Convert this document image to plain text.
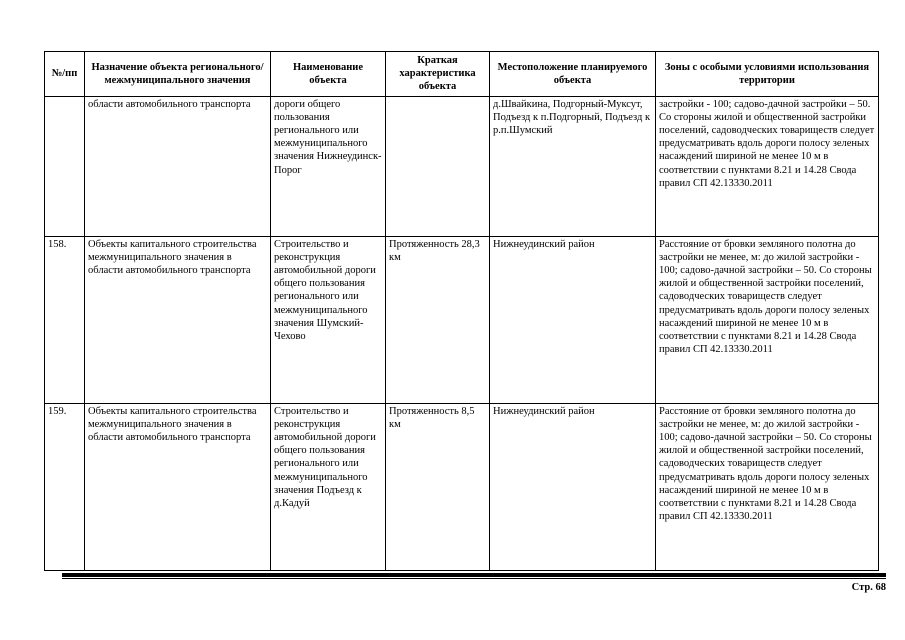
№/пп	Назначение объекта регионального/ межмуниципального значения	Наименование объекта	Краткая характеристика объекта	Местоположение планируемого объекта	Зоны с особыми условиями использования территории
	области автомобильного транспорта	дороги общего пользования регионального или межмуниципального значения Нижнеудинск-Порог		д.Швайкина, Подгорный-Муксут, Подъезд к п.Подгорный, Подъезд к р.п.Шумский	застройки - 100; садово-дачной застройки – 50. Со стороны жилой и общественной застройки поселений, садоводческих товариществ следует предусматривать вдоль дороги полосу зеленых насаждений шириной не менее 10 м в соответствии с пунктами 8.21 и 14.28 Свода правил СП 42.13330.2011
158.	Объекты капитального строительства межмуниципального значения в области автомобильного транспорта	Строительство и реконструкция автомобильной дороги общего пользования регионального или межмуниципального значения Шумский-Чехово	Протяженность 28,3 км	Нижнеудинский район	Расстояние от бровки земляного полотна до застройки не менее, м: до жилой застройки - 100; садово-дачной застройки – 50. Со стороны жилой и общественной застройки поселений, садоводческих товариществ следует предусматривать вдоль дороги полосу зеленых насаждений шириной не менее 10 м в соответствии с пунктами 8.21 и 14.28 Свода правил СП 42.13330.2011
159.	Объекты капитального строительства межмуниципального значения в области автомобильного транспорта	Строительство и реконструкция автомобильной дороги общего пользования регионального или межмуниципального значения Подъезд к д.Кадуй	Протяженность 8,5 км	Нижнеудинский район	Расстояние от бровки земляного полотна до застройки не менее, м: до жилой застройки - 100; садово-дачной застройки – 50. Со стороны жилой и общественной застройки поселений, садоводческих товариществ следует предусматривать вдоль дороги полосу зеленых насаждений шириной не менее 10 м в соответствии с пунктами 8.21 и 14.28 Свода правил СП 42.13330.2011
Стр. 68
